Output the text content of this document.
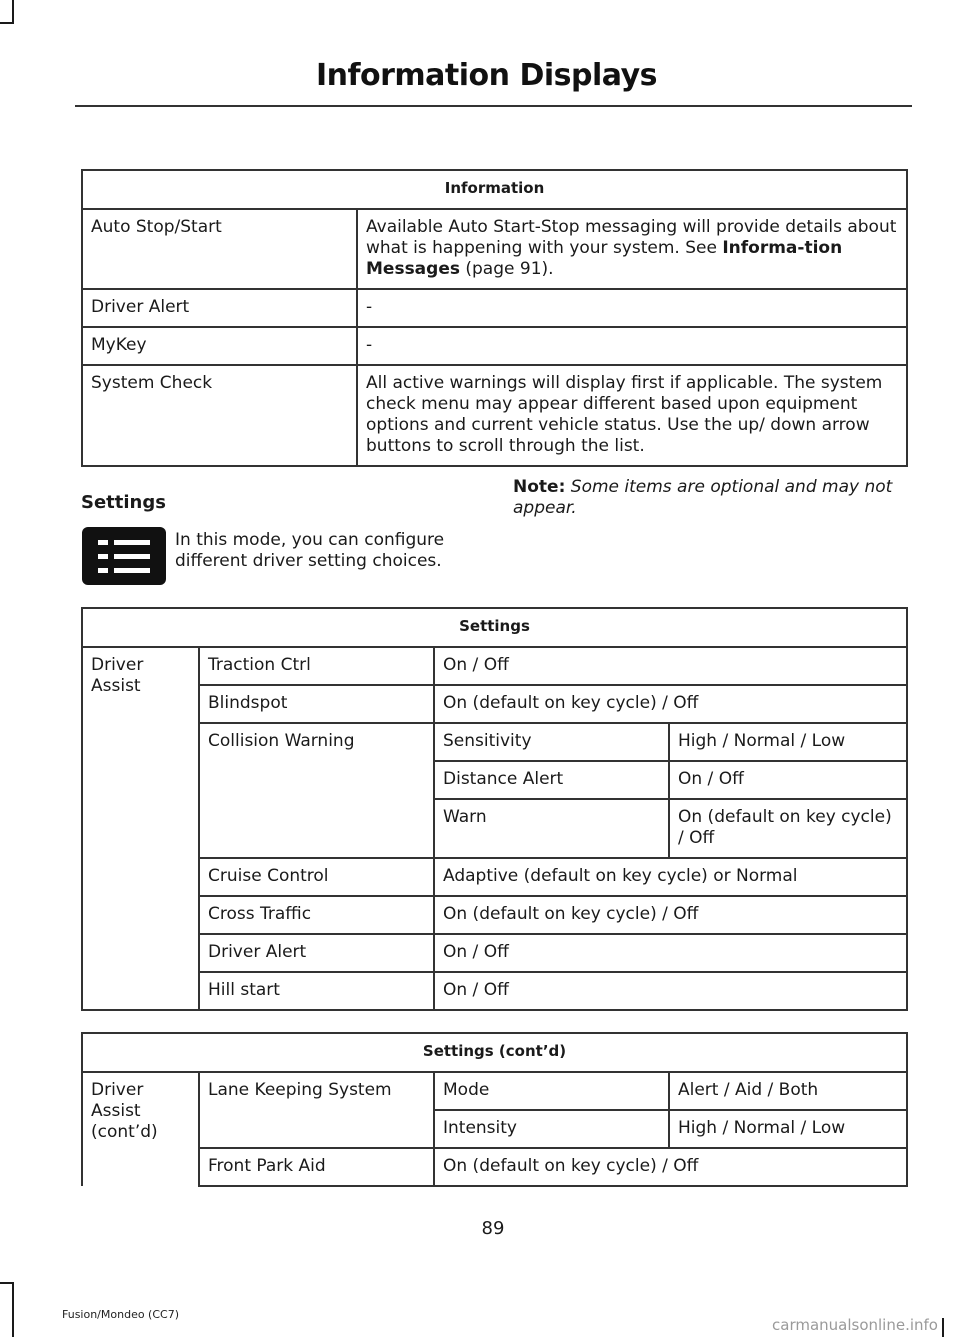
Information Displays
Information	
Auto Stop/Start	Available Auto Start-Stop messaging will provide details about what is happening with your system. See Informa-tion Messages (page 91).
Driver Alert	-
MyKey	-
System Check	All active warnings will display first if applicable. The system check menu may appear different based upon equipment options and current vehicle status. Use the up/ down arrow buttons to scroll through the list.
Settings
In this mode, you can configure different driver setting choices.
Note: Some items are optional and may not appear.
Settings			
Driver Assist	Traction Ctrl	On / Off	
	Blindspot	On (default on key cycle) / Off	
	Collision Warning	Sensitivity	High / Normal / Low
		Distance Alert	On / Off
		Warn	On (default on key cycle) / Off
	Cruise Control	Adaptive (default on key cycle) or Normal	
	Cross Traffic	On (default on key cycle) / Off	
	Driver Alert	On / Off	
	Hill start	On / Off	
Settings (cont’d)			
Driver Assist (cont’d)	Lane Keeping System	Mode	Alert / Aid / Both
		Intensity	High / Normal / Low
	Front Park Aid	On (default on key cycle) / Off	
89
Fusion/Mondeo (CC7)
carmanualsonline.info
